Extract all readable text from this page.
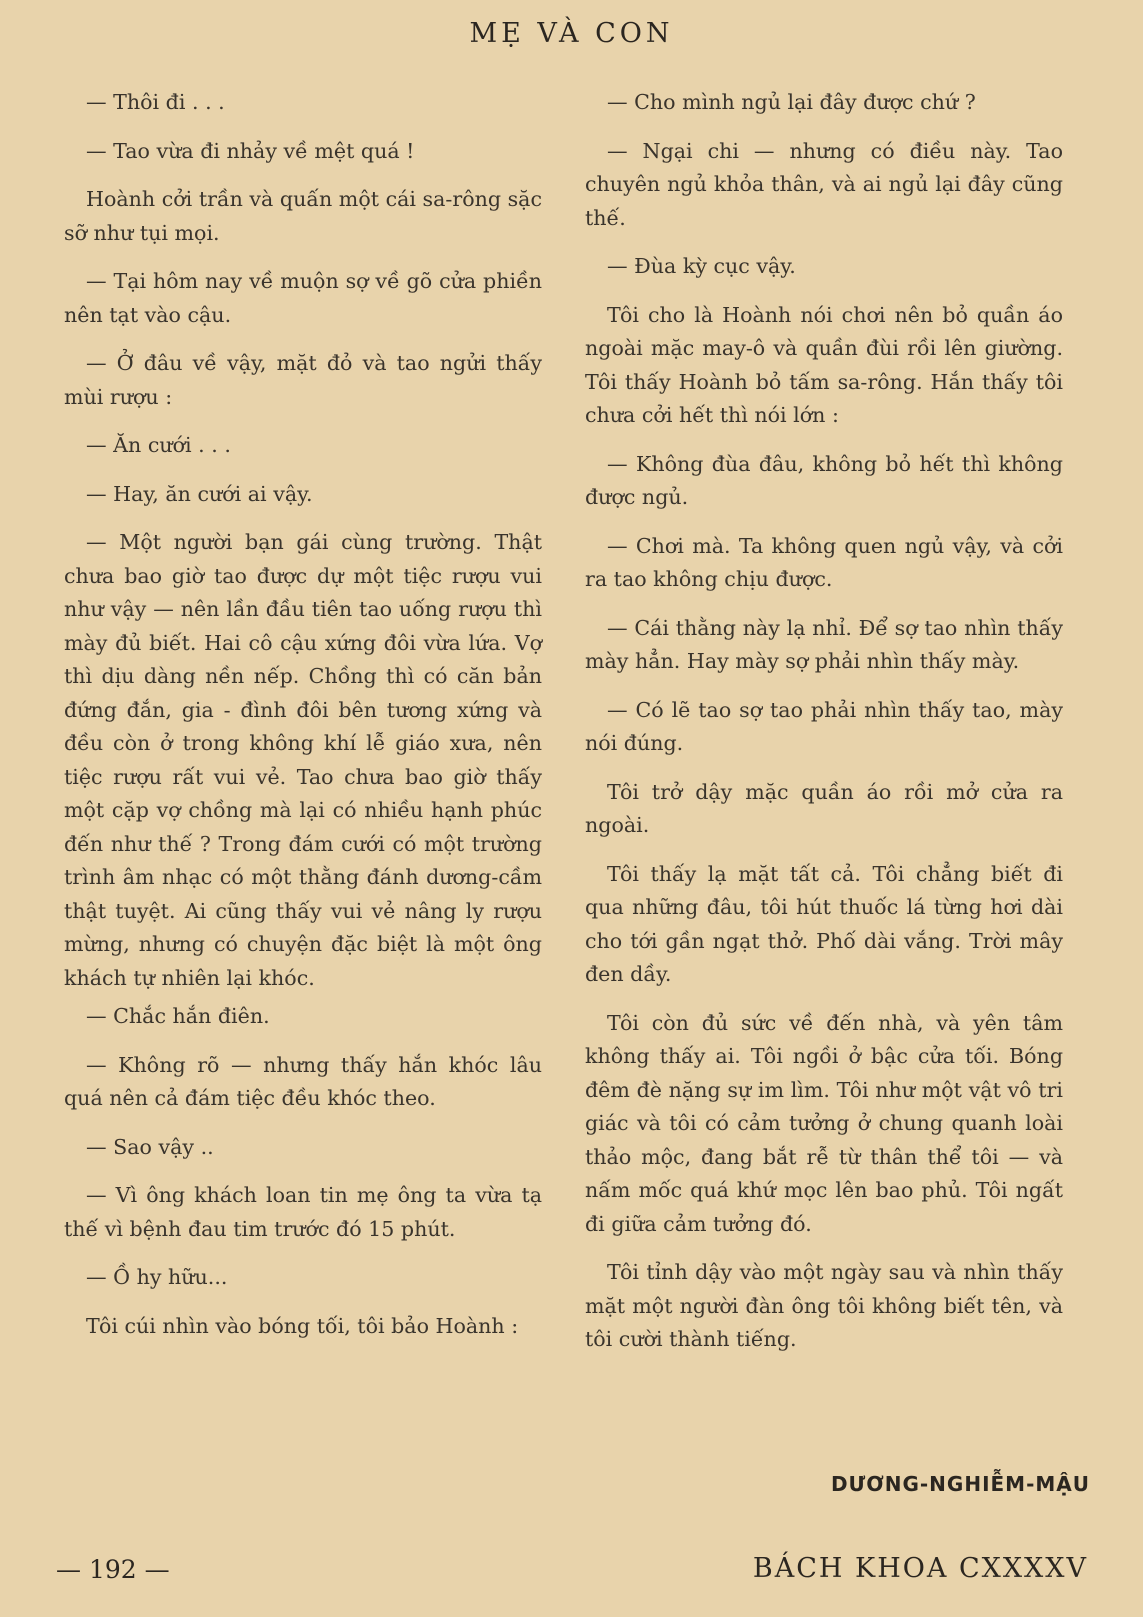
MẸ VÀ CON

— Thôi đi . . .

— Tao vừa đi nhảy về mệt quá !

Hoành cởi trần và quấn một cái sa-rông sặc sỡ như tụi mọi.

— Tại hôm nay về muộn sợ về gõ cửa phiền nên tạt vào cậu.

— Ở đâu về vậy, mặt đỏ và tao ngửi thấy mùi rượu :

— Ăn cưới . . .

— Hay, ăn cưới ai vậy.

— Một người bạn gái cùng trường. Thật chưa bao giờ tao được dự một tiệc rượu vui như vậy — nên lần đầu tiên tao uống rượu thì mày đủ biết. Hai cô cậu xứng đôi vừa lứa. Vợ thì dịu dàng nền nếp. Chồng thì có căn bản đứng đắn, gia - đình đôi bên tương xứng và đều còn ở trong không khí lễ giáo xưa, nên tiệc rượu rất vui vẻ. Tao chưa bao giờ thấy một cặp vợ chồng mà lại có nhiều hạnh phúc đến như thế ? Trong đám cưới có một trường trình âm nhạc có một thằng đánh dương-cầm thật tuyệt. Ai cũng thấy vui vẻ nâng ly rượu mừng, nhưng có chuyện đặc biệt là một ông khách tự nhiên lại khóc.

— Chắc hắn điên.

— Không rõ — nhưng thấy hắn khóc lâu quá nên cả đám tiệc đều khóc theo.

— Sao vậy ..

— Vì ông khách loan tin mẹ ông ta vừa tạ thế vì bệnh đau tim trước đó 15 phút.

— Ồ hy hữu...

Tôi cúi nhìn vào bóng tối, tôi bảo Hoành :

— Cho mình ngủ lại đây được chứ ?

— Ngại chi — nhưng có điều này. Tao chuyên ngủ khỏa thân, và ai ngủ lại đây cũng thế.

— Đùa kỳ cục vậy.

Tôi cho là Hoành nói chơi nên bỏ quần áo ngoài mặc may-ô và quần đùi rồi lên giường. Tôi thấy Hoành bỏ tấm sa-rông. Hắn thấy tôi chưa cởi hết thì nói lớn :

— Không đùa đâu, không bỏ hết thì không được ngủ.

— Chơi mà. Ta không quen ngủ vậy, và cởi ra tao không chịu được.

— Cái thằng này lạ nhỉ. Để sợ tao nhìn thấy mày hẳn. Hay mày sợ phải nhìn thấy mày.

— Có lẽ tao sợ tao phải nhìn thấy tao, mày nói đúng.

Tôi trở dậy mặc quần áo rồi mở cửa ra ngoài.

Tôi thấy lạ mặt tất cả. Tôi chẳng biết đi qua những đâu, tôi hút thuốc lá từng hơi dài cho tới gần ngạt thở. Phố dài vắng. Trời mây đen dầy.

Tôi còn đủ sức về đến nhà, và yên tâm không thấy ai. Tôi ngồi ở bậc cửa tối. Bóng đêm đè nặng sự im lìm. Tôi như một vật vô tri giác và tôi có cảm tưởng ở chung quanh loài thảo mộc, đang bắt rễ từ thân thể tôi — và nấm mốc quá khứ mọc lên bao phủ. Tôi ngất đi giữa cảm tưởng đó.

Tôi tỉnh dậy vào một ngày sau và nhìn thấy mặt một người đàn ông tôi không biết tên, và tôi cười thành tiếng.

DƯƠNG-NGHIỄM-MẬU
— 192 —	BÁCH KHOA CXXXXV
